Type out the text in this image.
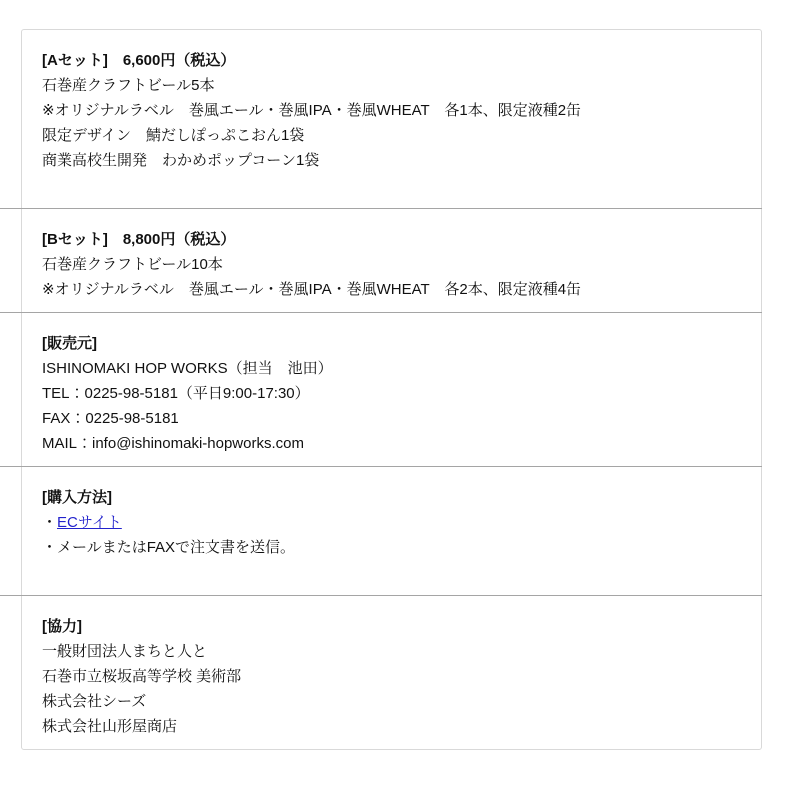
[Aセット]　6,600円（税込）
石巻産クラフトビール5本
※オリジナルラベル　巻風エール・巻風IPA・巻風WHEAT　各1本、限定液種2缶
限定デザイン　鯖だしぽっぷこおん1袋
商業高校生開発　わかめポップコーン1袋
[Bセット]　8,800円（税込）
石巻産クラフトビール10本
※オリジナルラベル　巻風エール・巻風IPA・巻風WHEAT　各2本、限定液種4缶
[販売元]
ISHINOMAKI HOP WORKS（担当　池田）
TEL：0225-98-5181（平日9:00-17:30）
FAX：0225-98-5181
MAIL：info@ishinomaki-hopworks.com
[購入方法]
・ECサイト
・メールまたはFAXで注文書を送信。
[協力]
一般財団法人まちと人と
石巻市立桜坂高等学校 美術部
株式会社シーズ
株式会社山形屋商店
